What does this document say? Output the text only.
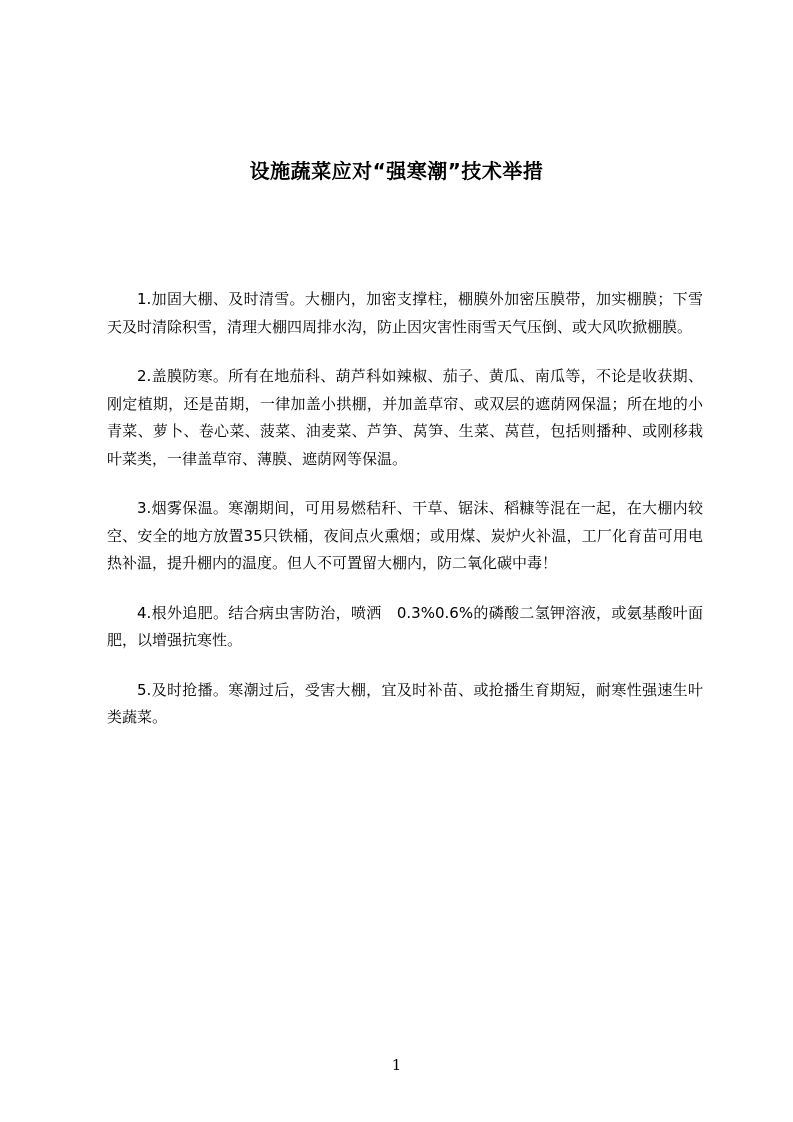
设施蔬菜应对“强寒潮”技术举措

1.加固大棚、及时清雪。大棚内，加密支撑柱，棚膜外加密压膜带，加实棚膜；下雪天及时清除积雪，清理大棚四周排水沟，防止因灾害性雨雪天气压倒、或大风吹掀棚膜。

2.盖膜防寒。所有在地茄科、葫芦科如辣椒、茄子、黄瓜、南瓜等，不论是收获期、刚定植期，还是苗期，一律加盖小拱棚，并加盖草帘、或双层的遮荫网保温；所在地的小青菜、萝卜、卷心菜、菠菜、油麦菜、芦笋、莴笋、生菜、莴苣，包括则播种、或刚移栽叶菜类，一律盖草帘、薄膜、遮荫网等保温。

3.烟雾保温。寒潮期间，可用易燃秸秆、干草、锯沫、稻糠等混在一起，在大棚内较空、安全的地方放置35只铁桶，夜间点火熏烟；或用煤、炭炉火补温，工厂化育苗可用电热补温，提升棚内的温度。但人不可置留大棚内，防二氧化碳中毒！

4.根外追肥。结合病虫害防治，喷洒　0.3%0.6%的磷酸二氢钾溶液，或氨基酸叶面肥，以增强抗寒性。

5.及时抢播。寒潮过后，受害大棚，宜及时补苗、或抢播生育期短，耐寒性强速生叶类蔬菜。

1
